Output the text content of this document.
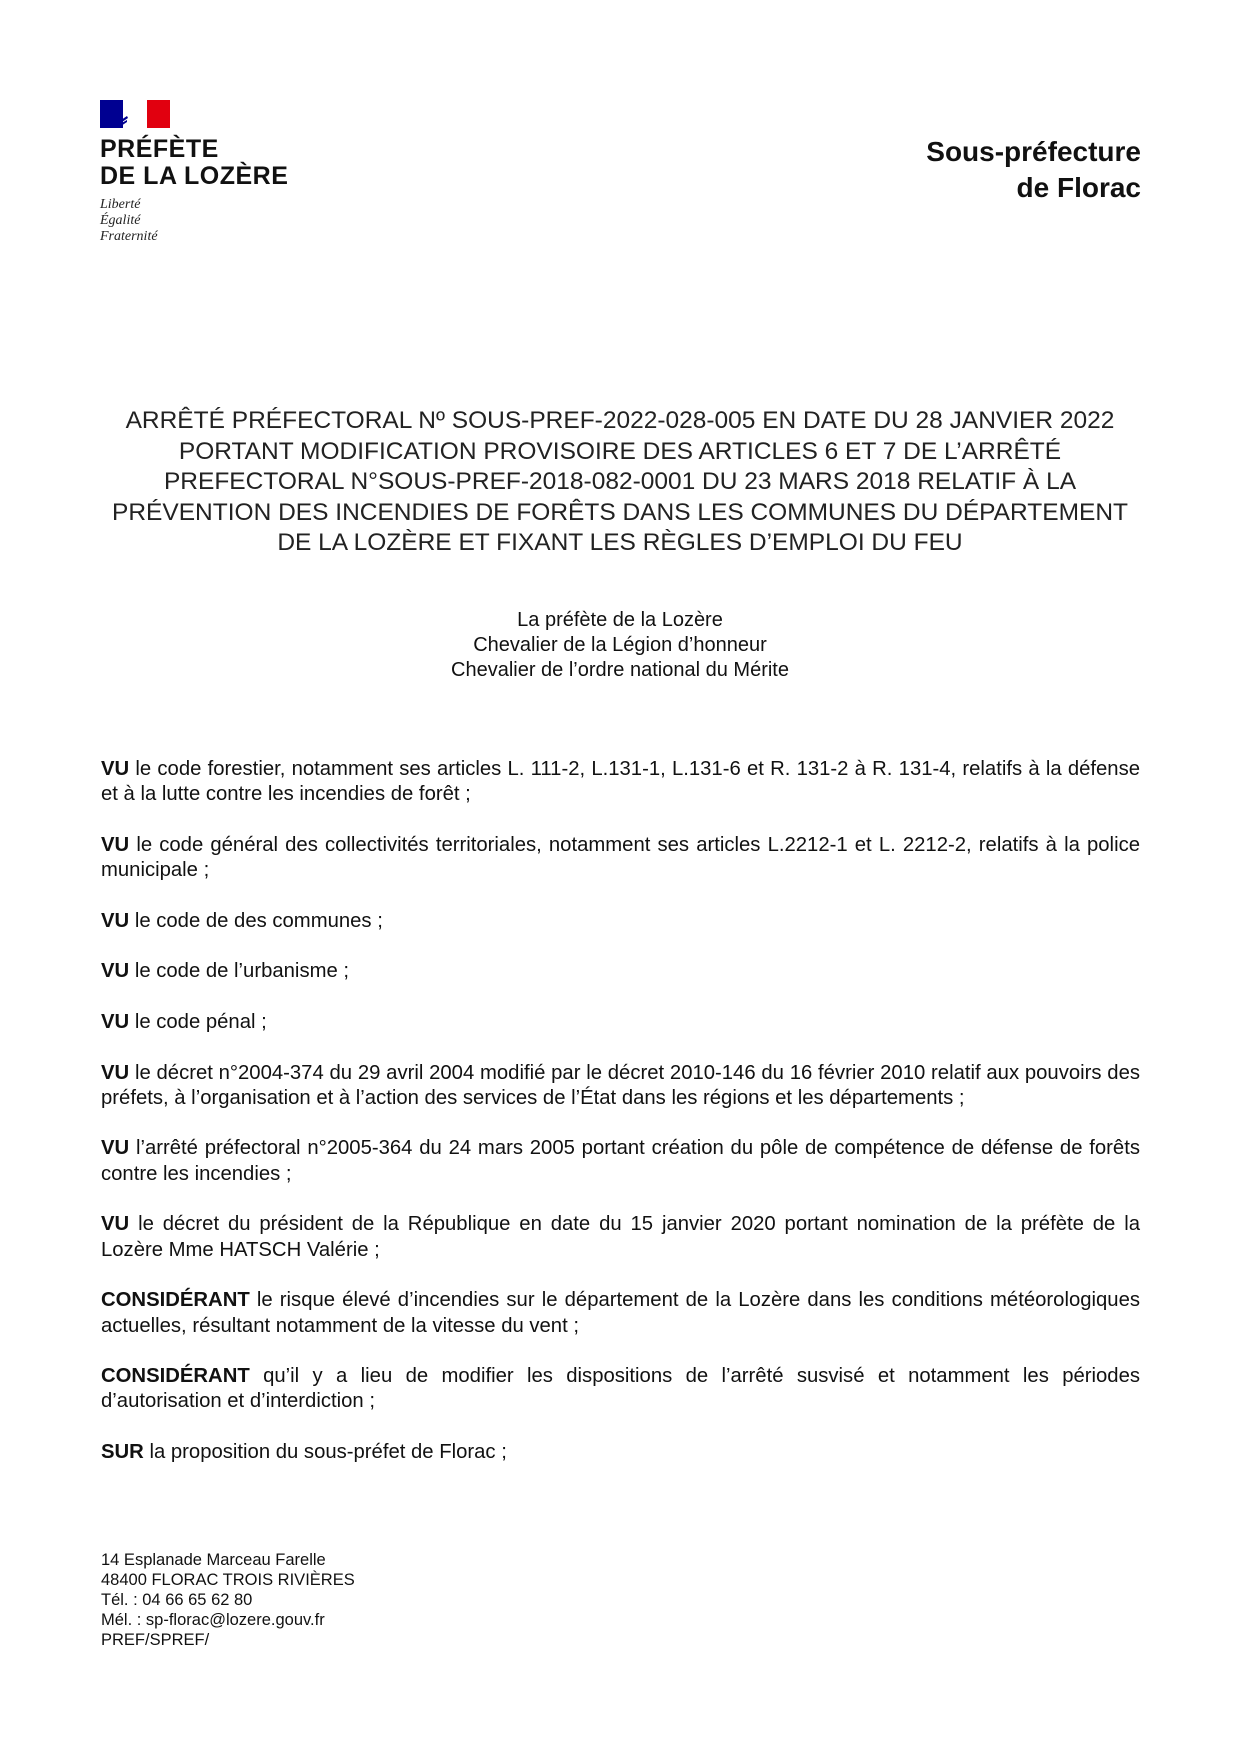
PRÉFÈTE
DE LA LOZÈRE
Liberté
Égalité
Fraternité
Sous-préfecture
de Florac
ARRÊTÉ PRÉFECTORAL Nº SOUS-PREF-2022-028-005 EN DATE DU 28 JANVIER 2022
PORTANT MODIFICATION PROVISOIRE DES ARTICLES 6 ET 7 DE L’ARRÊTÉ
PREFECTORAL N°SOUS-PREF-2018-082-0001 DU 23 MARS 2018 RELATIF À LA
PRÉVENTION DES INCENDIES DE FORÊTS DANS LES COMMUNES DU DÉPARTEMENT
DE LA LOZÈRE ET FIXANT LES RÈGLES D’EMPLOI DU FEU
La préfète de la Lozère
Chevalier de la Légion d’honneur
Chevalier de l’ordre national du Mérite

VU le code forestier, notamment ses articles L. 111-2, L.131-1, L.131-6 et R. 131-2 à R. 131-4, relatifs à la défense et à la lutte contre les incendies de forêt ;

VU le code général des collectivités territoriales, notamment ses articles L.2212-1 et L. 2212-2, relatifs à la police municipale ;

VU le code de des communes ;

VU le code de l’urbanisme ;

VU le code pénal ;

VU le décret n°2004-374 du 29 avril 2004 modifié par le décret 2010-146 du 16 février 2010 relatif aux pouvoirs des préfets, à l’organisation et à l’action des services de l’État dans les régions et les départements ;

VU l’arrêté préfectoral n°2005-364 du 24 mars 2005 portant création du pôle de compétence de défense de forêts contre les incendies ;

VU le décret du président de la République en date du 15 janvier 2020 portant nomination de la préfète de la Lozère Mme HATSCH Valérie ;

CONSIDÉRANT le risque élevé d’incendies sur le département de la Lozère dans les conditions météorologiques actuelles, résultant notamment de la vitesse du vent ;

CONSIDÉRANT qu’il y a lieu de modifier les dispositions de l’arrêté susvisé et notamment les périodes d’autorisation et d’interdiction ;

SUR la proposition du sous-préfet de Florac ;

14 Esplanade Marceau Farelle
48400 FLORAC TROIS RIVIÈRES
Tél. : 04 66 65 62 80
Mél. : sp-florac@lozere.gouv.fr
PREF/SPREF/
